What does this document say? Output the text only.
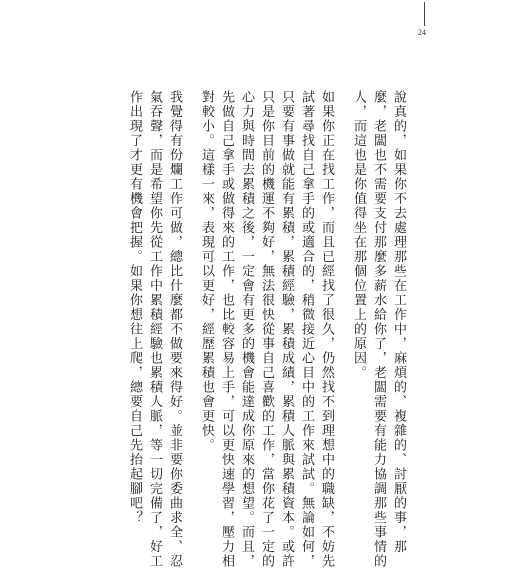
24
說真的，如果你不去處理那些在工作中，麻煩的、複雜的、討厭的事，那
麼，老闆也不需要支付那麼多薪水給你了，老闆需要有能力協調那些事情的
人，而這也是你值得坐在那個位置上的原因。
如果你正在找工作，而且已經找了很久，仍然找不到理想中的職缺，不妨先
試著尋找自己拿手的或適合的，稍微接近心目中的工作來試試。無論如何，
只要有事做就能有累積，累積經驗，累積成績，累積人脈與累積資本。或許
只是你目前的機運不夠好，無法很快從事自己喜歡的工作，當你花了一定的
心力與時間去累積之後，一定會有更多的機會能達成你原來的想望。而且，
先做自己拿手或做得來的工作，也比較容易上手，可以更快速學習，壓力相
對較小。這樣一來，表現可以更好，經歷累積也會更快。
我覺得有份爛工作可做，總比什麼都不做要來得好。並非要你委曲求全、忍
氣吞聲，而是希望你先從工作中累積經驗也累積人脈，等一切完備了，好工
作出現了才更有機會把握。如果你想往上爬，總要自己先抬起腳吧？
